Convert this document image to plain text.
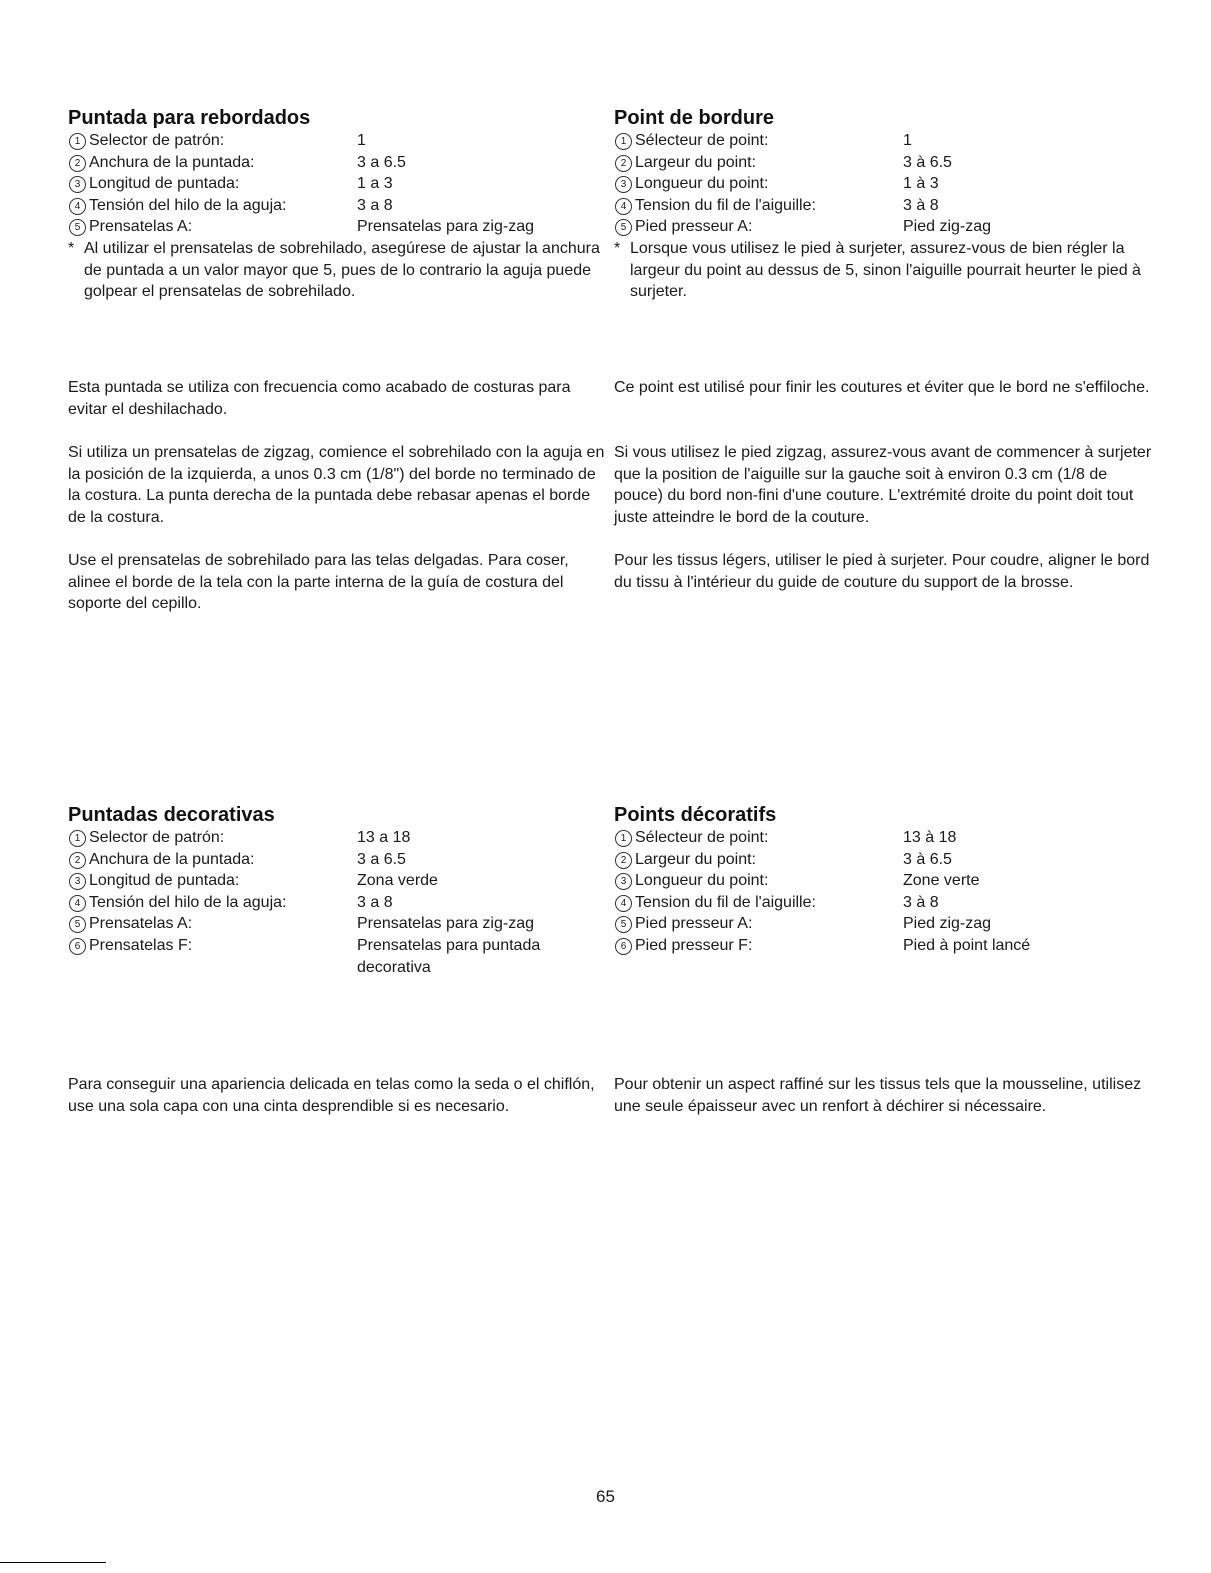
Puntada para rebordados
1 Selector de patrón:	1
2 Anchura de la puntada:	3 a 6.5
3 Longitud de puntada:	1 a 3
4 Tensión del hilo de la aguja:	3 a 8
5 Prensatelas A:	Prensatelas para zig-zag
* Al utilizar el prensatelas de sobrehilado, asegúrese de ajustar la anchura de puntada a un valor mayor que 5, pues de lo contrario la aguja puede golpear el prensatelas de sobrehilado.
Point de bordure
1 Sélecteur de point:	1
2 Largeur du point:	3 à 6.5
3 Longueur du point:	1 à 3
4 Tension du fil de l'aiguille:	3 à 8
5 Pied presseur A:	Pied zig-zag
* Lorsque vous utilisez le pied à surjeter, assurez-vous de bien régler la largeur du point au dessus de 5, sinon l'aiguille pourrait heurter le pied à surjeter.

Esta puntada se utiliza con frecuencia como acabado de costuras para evitar el deshilachado.

Si utiliza un prensatelas de zigzag, comience el sobrehilado con la aguja en la posición de la izquierda, a unos 0.3 cm (1/8") del borde no terminado de la costura. La punta derecha de la puntada debe rebasar apenas el borde de la costura.

Use el prensatelas de sobrehilado para las telas delgadas. Para coser, alinee el borde de la tela con la parte interna de la guía de costura del soporte del cepillo.

Ce point est utilisé pour finir les coutures et éviter que le bord ne s'effiloche.

Si vous utilisez le pied zigzag, assurez-vous avant de commencer à surjeter que la position de l'aiguille sur la gauche soit à environ 0.3 cm (1/8 de pouce) du bord non-fini d'une couture. L'extrémité droite du point doit tout juste atteindre le bord de la couture.

Pour les tissus légers, utiliser le pied à surjeter. Pour coudre, aligner le bord du tissu à l'intérieur du guide de couture du support de la brosse.

Puntadas decorativas
1 Selector de patrón:	13 a 18
2 Anchura de la puntada:	3 a 6.5
3 Longitud de puntada:	Zona verde
4 Tensión del hilo de la aguja:	3 a 8
5 Prensatelas A:	Prensatelas para zig-zag
6 Prensatelas F:	Prensatelas para puntada decorativa
Points décoratifs
1 Sélecteur de point:	13 à 18
2 Largeur du point:	3 à 6.5
3 Longueur du point:	Zone verte
4 Tension du fil de l'aiguille:	3 à 8
5 Pied presseur A:	Pied zig-zag
6 Pied presseur F:	Pied à point lancé

Para conseguir una apariencia delicada en telas como la seda o el chiflón, use una sola capa con una cinta desprendible si es necesario.

Pour obtenir un aspect raffiné sur les tissus tels que la mousseline, utilisez une seule épaisseur avec un renfort à déchirer si nécessaire.

65
